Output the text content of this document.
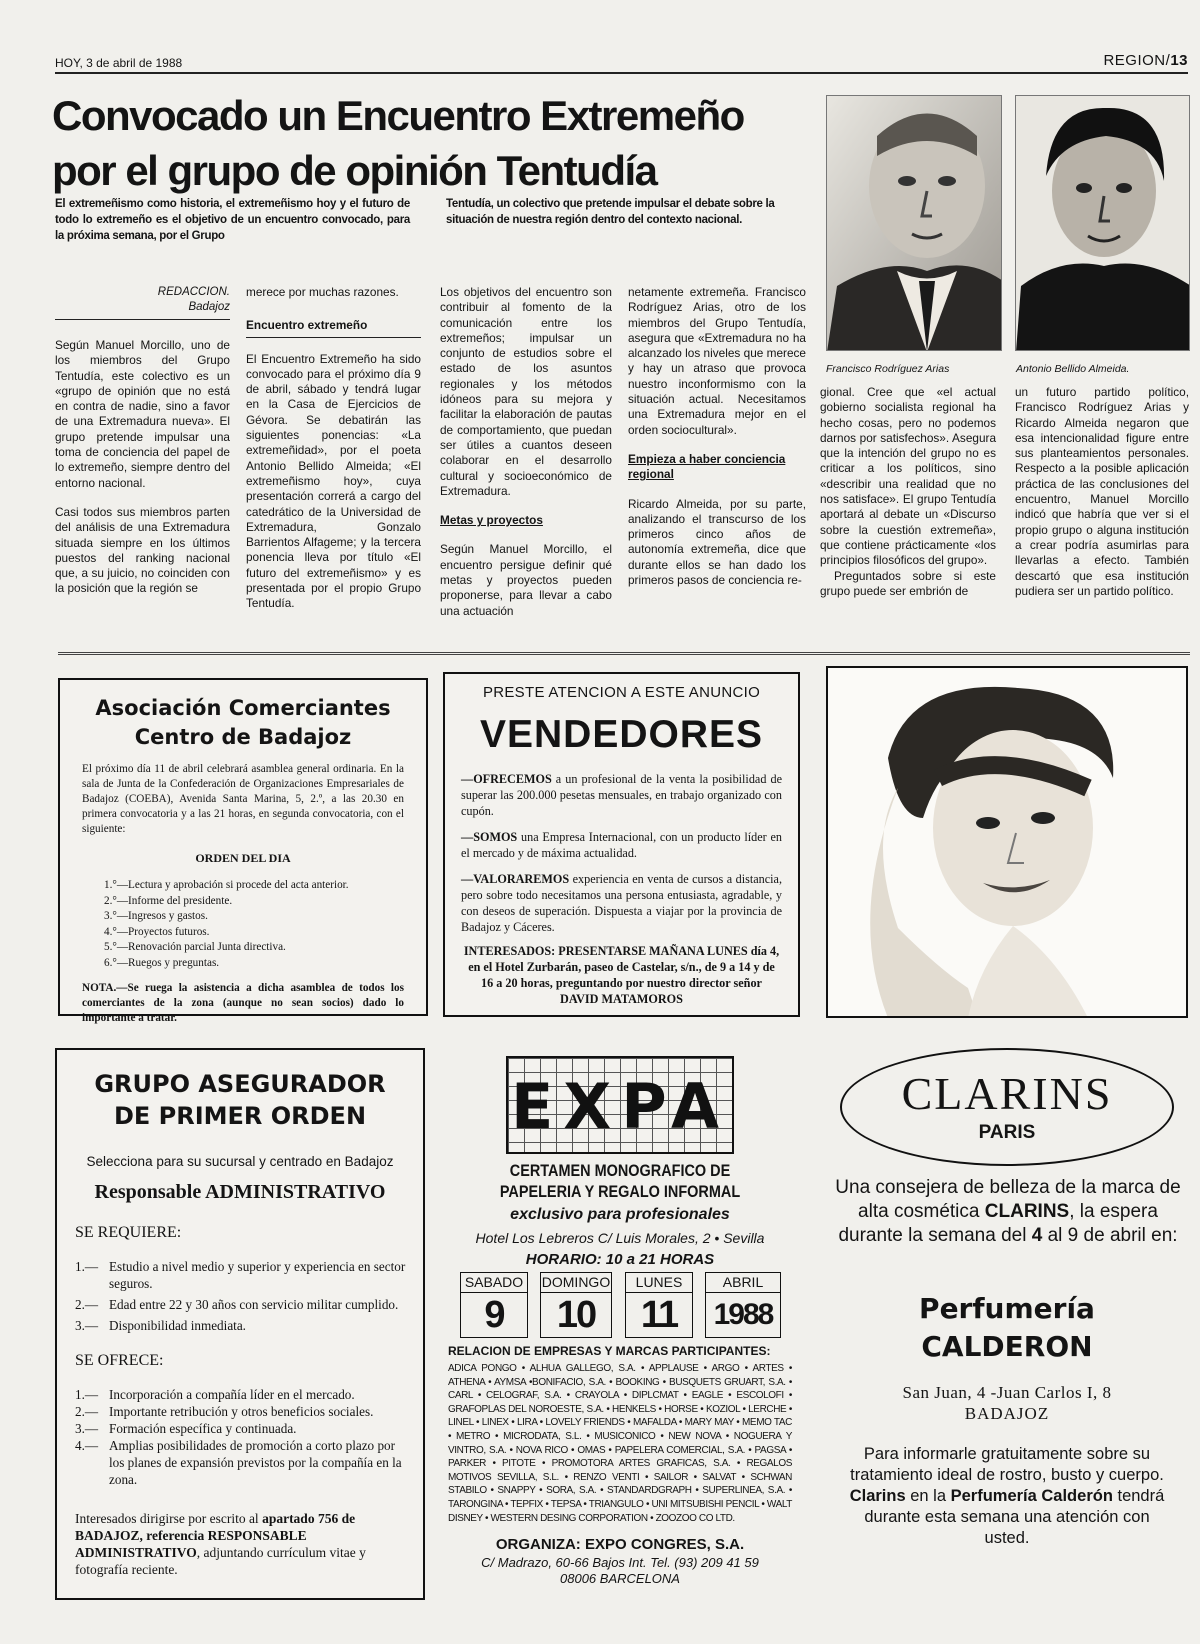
HOY, 3 de abril de 1988	REGION/13
Convocado un Encuentro Extremeño
por el grupo de opinión Tentudía
El extremeñismo como historia, el extremeñismo hoy y el futuro de todo lo extremeño es el objetivo de un encuentro convocado, para la próxima semana, por el Grupo
Tentudía, un colectivo que pretende impulsar el debate sobre la situación de nuestra región dentro del contexto nacional.
Francisco Rodríguez Arias	Antonio Bellido Almeida.
REDACCION.
Badajoz

Según Manuel Morcillo, uno de los miembros del Grupo Tentudía, este colectivo es un «grupo de opinión que no está en contra de nadie, sino a favor de una Extremadura nueva». El grupo pretende impulsar una toma de conciencia del papel de lo extremeño, siempre dentro del entorno nacional.

Casi todos sus miembros parten del análisis de una Extremadura situada siempre en los últimos puestos del ranking nacional que, a su juicio, no coinciden con la posición que la región se

merece por muchas razones.

Encuentro extremeño

El Encuentro Extremeño ha sido convocado para el próximo día 9 de abril, sábado y tendrá lugar en la Casa de Ejercicios de Gévora. Se debatirán las siguientes ponencias: «La extremeñidad», por el poeta Antonio Bellido Almeida; «El extremeñismo hoy», cuya presentación correrá a cargo del catedrático de la Universidad de Extremadura, Gonzalo Barrientos Alfageme; y la tercera ponencia lleva por título «El futuro del extremeñismo» y es presentada por el propio Grupo Tentudía.

Los objetivos del encuentro son contribuir al fomento de la comunicación entre los extremeños; impulsar un conjunto de estudios sobre el estado de los asuntos regionales y los métodos idóneos para su mejora y facilitar la elaboración de pautas de comportamiento, que puedan ser útiles a cuantos deseen colaborar en el desarrollo cultural y socioeconómico de Extremadura.

Metas y proyectos

Según Manuel Morcillo, el encuentro persigue definir qué metas y proyectos pueden proponerse, para llevar a cabo una actuación

netamente extremeña. Francisco Rodríguez Arias, otro de los miembros del Grupo Tentudía, asegura que «Extremadura no ha alcanzado los niveles que merece y hay un atraso que provoca nuestro inconformismo con la situación actual. Necesitamos una Extremadura mejor en el orden sociocultural».

Empieza a haber conciencia regional

Ricardo Almeida, por su parte, analizando el transcurso de los primeros cinco años de autonomía extremeña, dice que durante ellos se han dado los primeros pasos de conciencia re-

gional. Cree que «el actual gobierno socialista regional ha hecho cosas, pero no podemos darnos por satisfechos». Asegura que la intención del grupo no es criticar a los políticos, sino «describir una realidad que no nos satisface». El grupo Tentudía aportará al debate un «Discurso sobre la cuestión extremeña», que contiene prácticamente «los principios filosóficos del grupo».

Preguntados sobre si este grupo puede ser embrión de

un futuro partido político, Francisco Rodríguez Arias y Ricardo Almeida negaron que esa intencionalidad figure entre sus planteamientos personales. Respecto a la posible aplicación práctica de las conclusiones del encuentro, Manuel Morcillo indicó que habría que ver si el propio grupo o alguna institución a crear podría asumirlas para llevarlas a efecto. También descartó que esa institución pudiera ser un partido político.

Asociación Comerciantes
Centro de Badajoz
El próximo día 11 de abril celebrará asamblea general ordinaria. En la sala de Junta de la Confederación de Organizaciones Empresariales de Badajoz (COEBA), Avenida Santa Marina, 5, 2.º, a las 20.30 en primera convocatoria y a las 21 horas, en segunda convocatoria, con el siguiente:
ORDEN DEL DIA
1.°—Lectura y aprobación si procede del acta anterior.
2.°—Informe del presidente.
3.°—Ingresos y gastos.
4.°—Proyectos futuros.
5.°—Renovación parcial Junta directiva.
6.°—Ruegos y preguntas.
NOTA.—Se ruega la asistencia a dicha asamblea de todos los comerciantes de la zona (aunque no sean socios) dado lo importante a tratar.
PRESTE ATENCION A ESTE ANUNCIO
VENDEDORES
—OFRECEMOS a un profesional de la venta la posibilidad de superar las 200.000 pesetas mensuales, en trabajo organizado con cupón.
—SOMOS una Empresa Internacional, con un producto líder en el mercado y de máxima actualidad.
—VALORAREMOS experiencia en venta de cursos a distancia, pero sobre todo necesitamos una persona entusiasta, agradable, y con deseos de superación. Dispuesta a viajar por la provincia de Badajoz y Cáceres.
INTERESADOS: PRESENTARSE MAÑANA LUNES día 4, en el Hotel Zurbarán, paseo de Castelar, s/n., de 9 a 14 y de 16 a 20 horas, preguntando por nuestro director señor DAVID MATAMOROS
GRUPO ASEGURADOR
DE PRIMER ORDEN
Selecciona para su sucursal y centrado en Badajoz
Responsable ADMINISTRATIVO
SE REQUIERE:
1.— Estudio a nivel medio y superior y experiencia en sector seguros.
2.— Edad entre 22 y 30 años con servicio militar cumplido.
3.— Disponibilidad inmediata.
SE OFRECE:
1.— Incorporación a compañía líder en el mercado.
2.— Importante retribución y otros beneficios sociales.
3.— Formación específica y continuada.
4.— Amplias posibilidades de promoción a corto plazo por los planes de expansión previstos por la compañía en la zona.
Interesados dirigirse por escrito al apartado 756 de BADAJOZ, referencia RESPONSABLE ADMINISTRATIVO, adjuntando currículum vitae y fotografía reciente.
EXPA
CERTAMEN MONOGRAFICO DE PAPELERIA Y REGALO INFORMAL
exclusivo para profesionales
Hotel Los Lebreros C/ Luis Morales, 2 • Sevilla
HORARIO: 10 a 21 HORAS
SABADO
9
DOMINGO
10
LUNES
11
ABRIL
1988
RELACION DE EMPRESAS Y MARCAS PARTICIPANTES:
ADICA PONGO • ALHUA GALLEGO, S.A. • APPLAUSE • ARGO • ARTES • ATHENA • AYMSA •BONIFACIO, S.A. • BOOKING • BUSQUETS GRUART, S.A. • CARL • CELOGRAF, S.A. • CRAYOLA • DIPLCMAT • EAGLE • ESCOLOFI • GRAFOPLAS DEL NOROESTE, S.A. • HENKELS • HORSE • KOZIOL • LERCHE • LINEL • LINEX • LIRA • LOVELY FRIENDS • MAFALDA • MARY MAY • MEMO TAC • METRO • MICRODATA, S.L. • MUSICONICO • NEW NOVA • NOGUERA Y VINTRO, S.A. • NOVA RICO • OMAS • PAPELERA COMERCIAL, S.A. • PAGSA • PARKER • PITOTE • PROMOTORA ARTES GRAFICAS, S.A. • REGALOS MOTIVOS SEVILLA, S.L. • RENZO VENTI • SAILOR • SALVAT • SCHWAN STABILO • SNAPPY • SORA, S.A. • STANDARDGRAPH • SUPERLINEA, S.A. • TARONGINA • TEPFIX • TEPSA • TRIANGULO • UNI MITSUBISHI PENCIL • WALT DISNEY • WESTERN DESING CORPORATION • ZOOZOO CO LTD.
ORGANIZA: EXPO CONGRES, S.A.
C/ Madrazo, 60-66 Bajos Int. Tel. (93) 209 41 59
08006 BARCELONA
CLARINS
PARIS
Una consejera de belleza de la marca de alta cosmética CLARINS, la espera durante la semana del 4 al 9 de abril en:
Perfumería
CALDERON
San Juan, 4 -Juan Carlos I, 8
BADAJOZ
Para informarle gratuitamente sobre su tratamiento ideal de rostro, busto y cuerpo. Clarins en la Perfumería Calderón tendrá durante esta semana una atención con usted.
